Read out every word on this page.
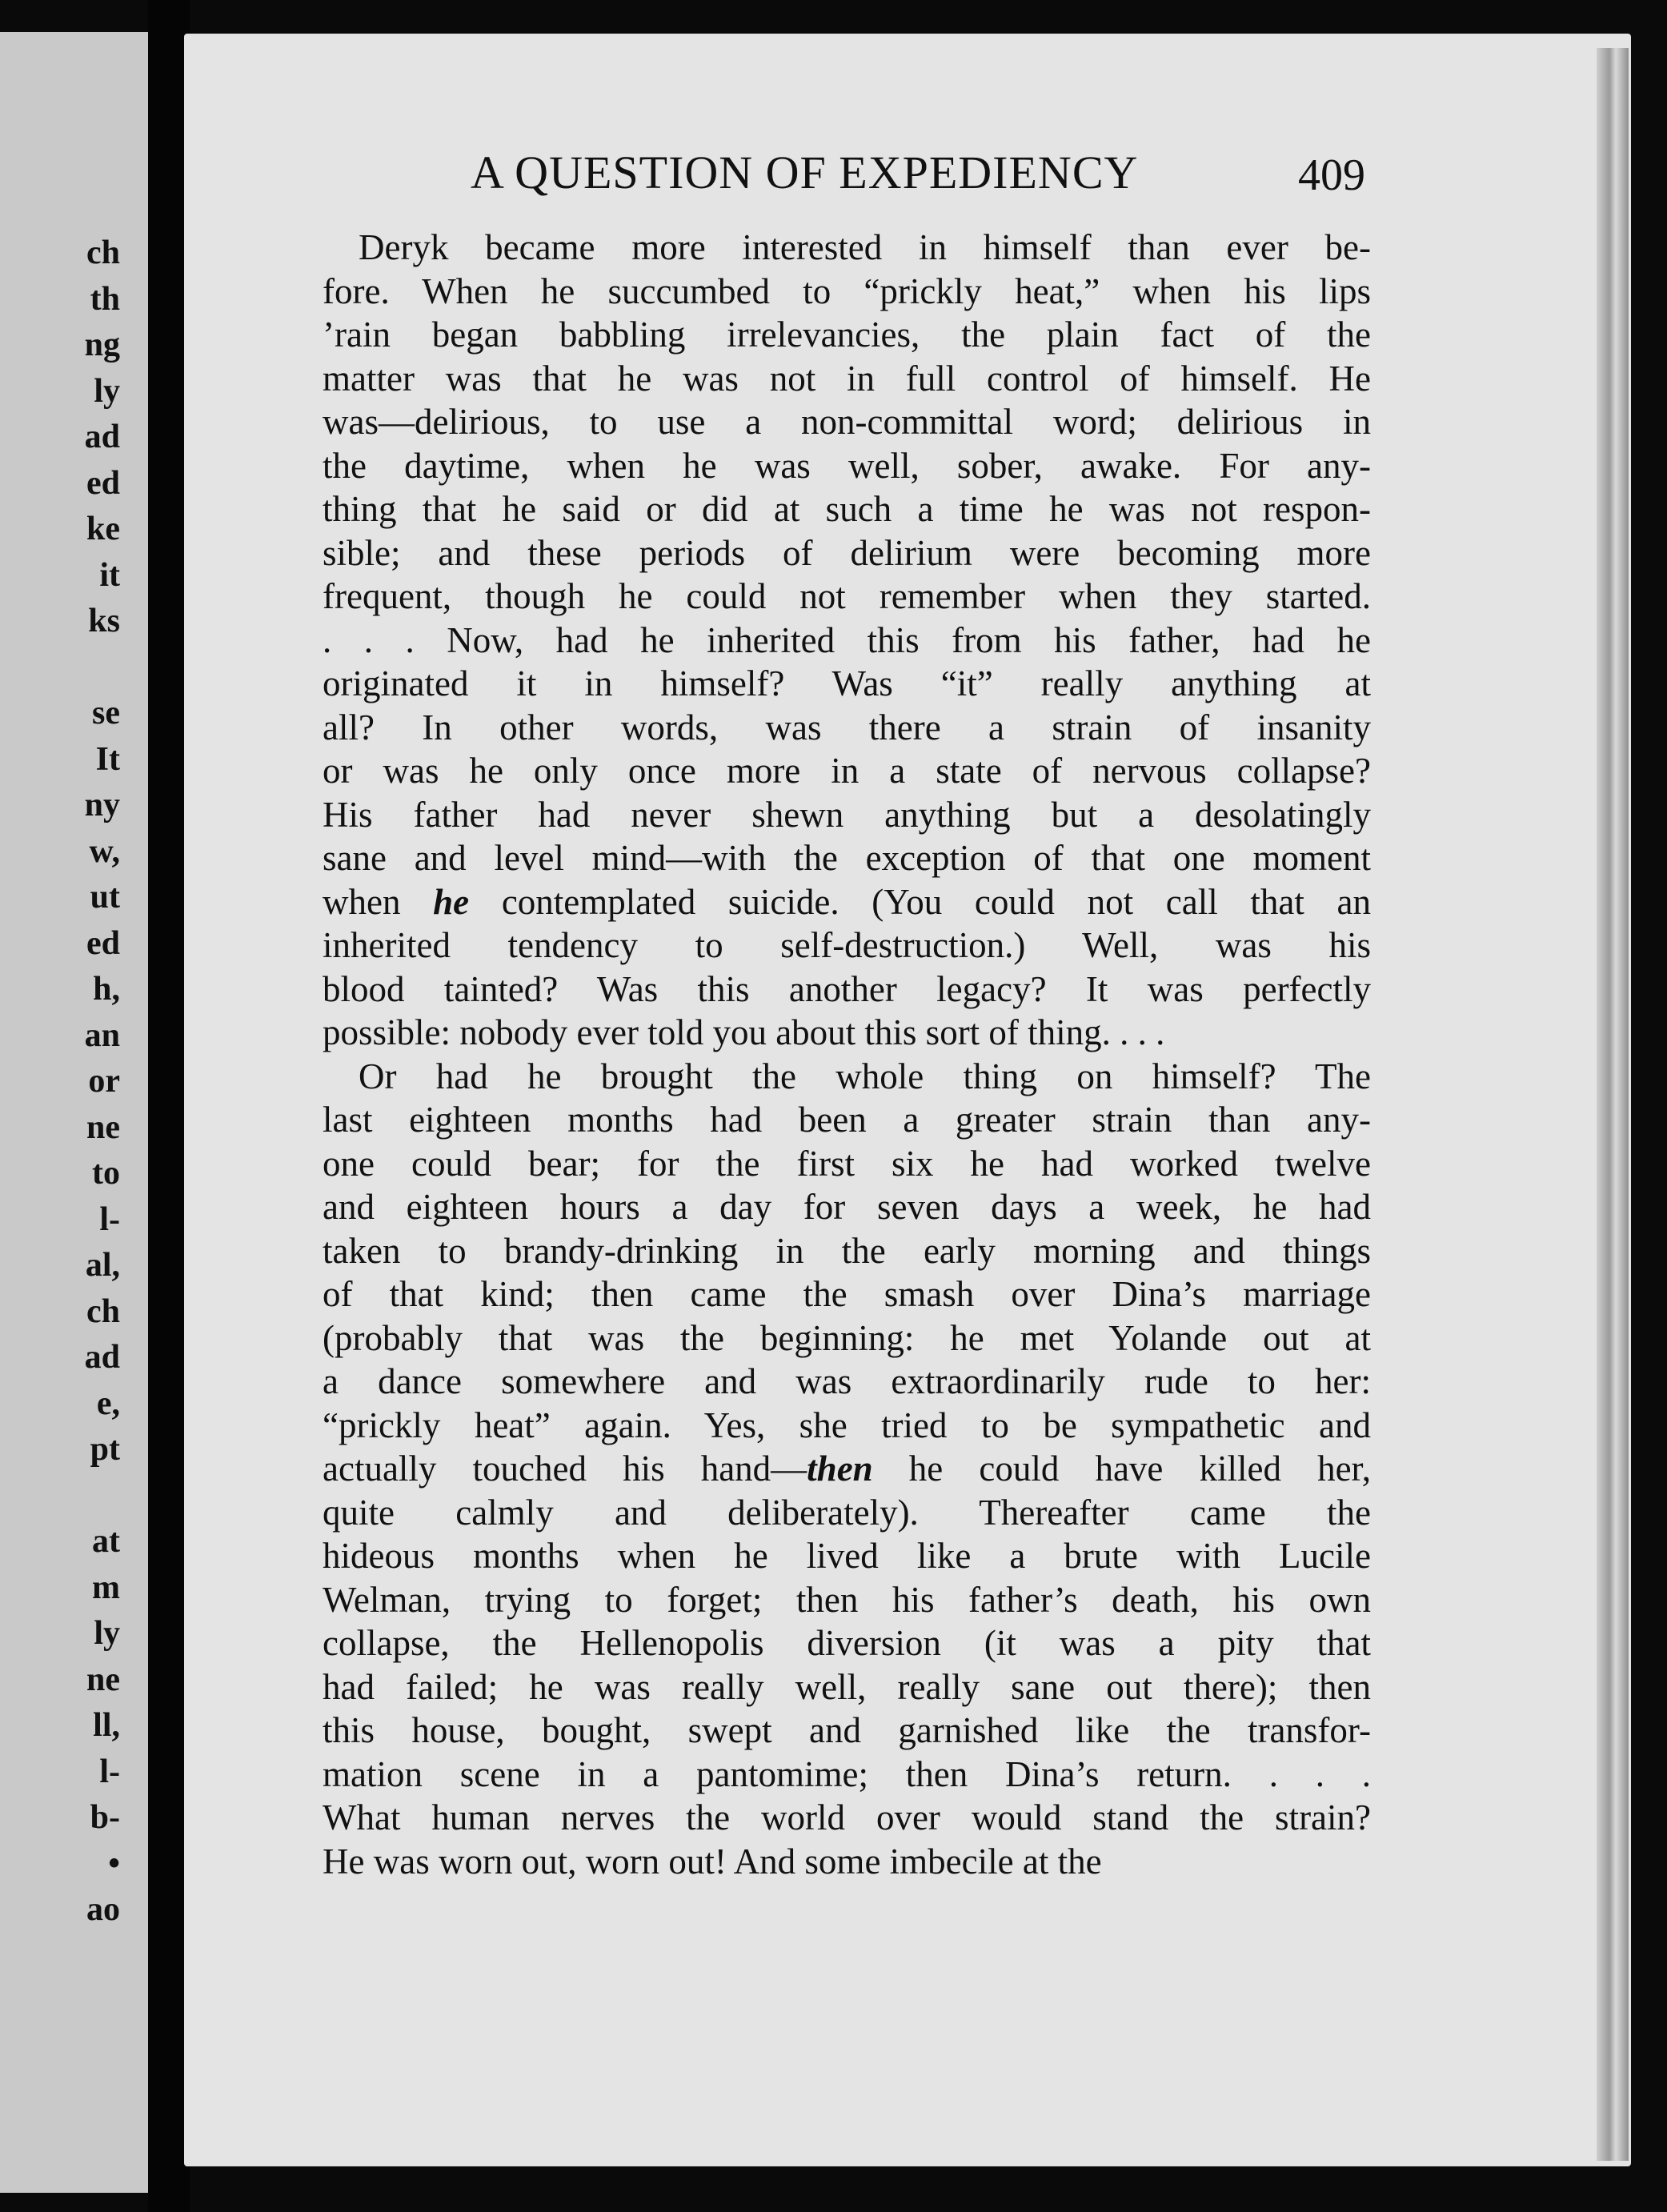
ch
th
ng
ly
ad
ed
ke
it
ks
se
It
ny
w,
ut
ed
h,
an
or
ne
to
l-
al,
ch
ad
e,
pt
at
m
ly
ne
ll,
l-
b-
•
ao
A QUESTION OF EXPEDIENCY	409
Deryk became more interested in himself than ever be-
fore. When he succumbed to “prickly heat,” when his lips
’rain began babbling irrelevancies, the plain fact of the
matter was that he was not in full control of himself. He
was—delirious, to use a non-committal word; delirious in
the daytime, when he was well, sober, awake. For any-
thing that he said or did at such a time he was not respon-
sible; and these periods of delirium were becoming more
frequent, though he could not remember when they started.
. . . Now, had he inherited this from his father, had he
originated it in himself? Was “it” really anything at
all? In other words, was there a strain of insanity
or was he only once more in a state of nervous collapse?
His father had never shewn anything but a desolatingly
sane and level mind—with the exception of that one moment
when he contemplated suicide. (You could not call that an
inherited tendency to self-destruction.) Well, was his
blood tainted? Was this another legacy? It was perfectly
possible: nobody ever told you about this sort of thing. . . .
Or had he brought the whole thing on himself? The
last eighteen months had been a greater strain than any-
one could bear; for the first six he had worked twelve
and eighteen hours a day for seven days a week, he had
taken to brandy-drinking in the early morning and things
of that kind; then came the smash over Dina’s marriage
(probably that was the beginning: he met Yolande out at
a dance somewhere and was extraordinarily rude to her:
“prickly heat” again. Yes, she tried to be sympathetic and
actually touched his hand—then he could have killed her,
quite calmly and deliberately). Thereafter came the
hideous months when he lived like a brute with Lucile
Welman, trying to forget; then his father’s death, his own
collapse, the Hellenopolis diversion (it was a pity that
had failed; he was really well, really sane out there); then
this house, bought, swept and garnished like the transfor-
mation scene in a pantomime; then Dina’s return. . . .
What human nerves the world over would stand the strain?
He was worn out, worn out! And some imbecile at the
